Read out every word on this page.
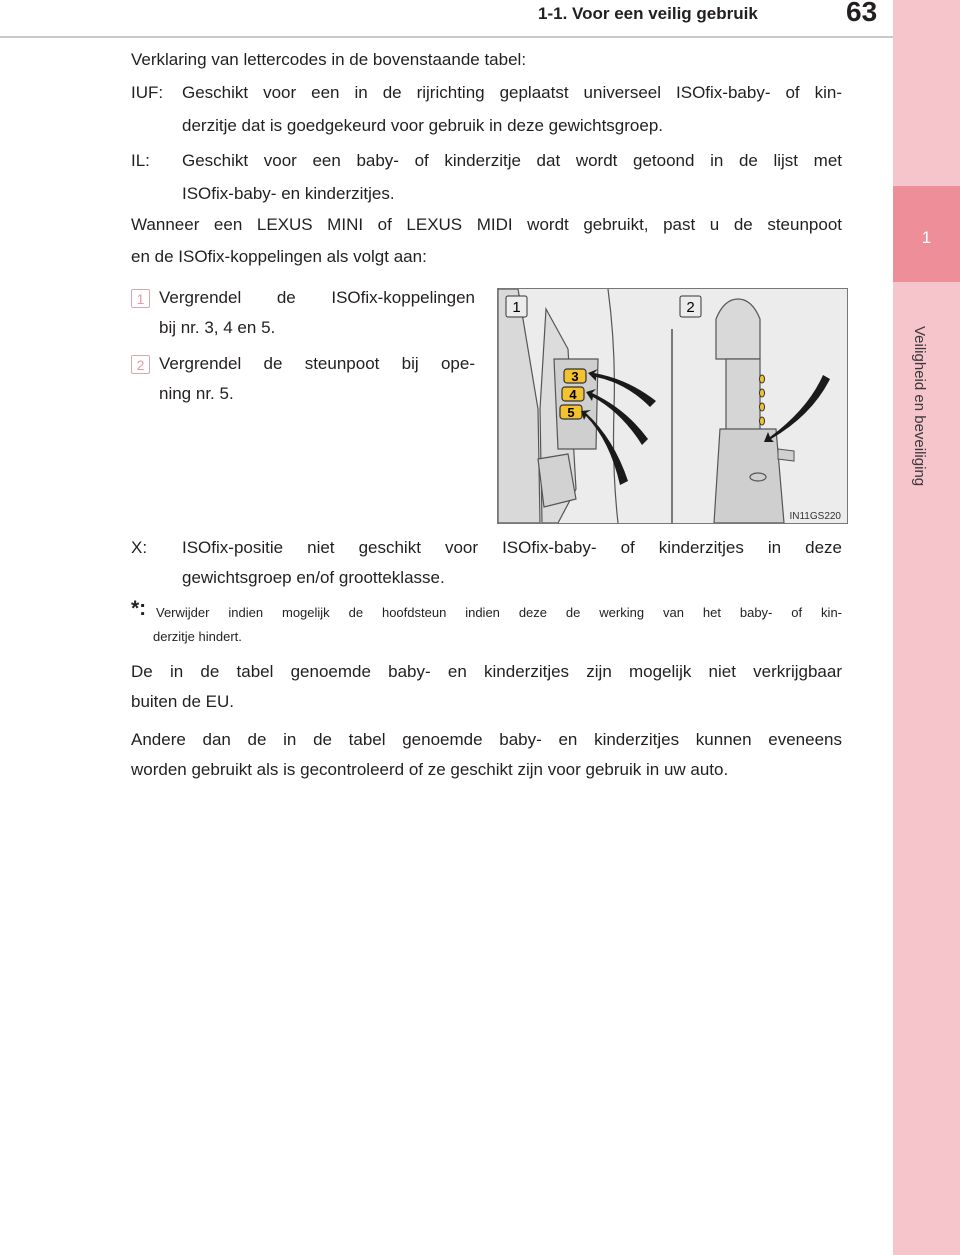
1-1. Voor een veilig gebruik	63
1
Veiligheid en beveiliging

Verklaring van lettercodes in de bovenstaande tabel:

IUF: Geschikt voor een in de rijrichting geplaatst universeel ISOfix-baby- of kin-
derzitje dat is goedgekeurd voor gebruik in deze gewichtsgroep.
IL: Geschikt voor een baby- of kinderzitje dat wordt getoond in de lijst met
ISOfix-baby- en kinderzitjes.
Wanneer een LEXUS MINI of LEXUS MIDI wordt gebruikt, past u de steunpoot
en de ISOfix-koppelingen als volgt aan:
1 Vergrendel de ISOfix-koppelingen
bij nr. 3, 4 en 5.
2 Vergrendel de steunpoot bij ope-
ning nr. 5.
3
4
5
1	2
IN11GS220
X: ISOfix-positie niet geschikt voor ISOfix-baby- of kinderzitjes in deze
gewichtsgroep en/of grootteklasse.
*: Verwijder indien mogelijk de hoofdsteun indien deze de werking van het baby- of kin-
derzitje hindert.
De in de tabel genoemde baby- en kinderzitjes zijn mogelijk niet verkrijgbaar
buiten de EU.
Andere dan de in de tabel genoemde baby- en kinderzitjes kunnen eveneens
worden gebruikt als is gecontroleerd of ze geschikt zijn voor gebruik in uw auto.
